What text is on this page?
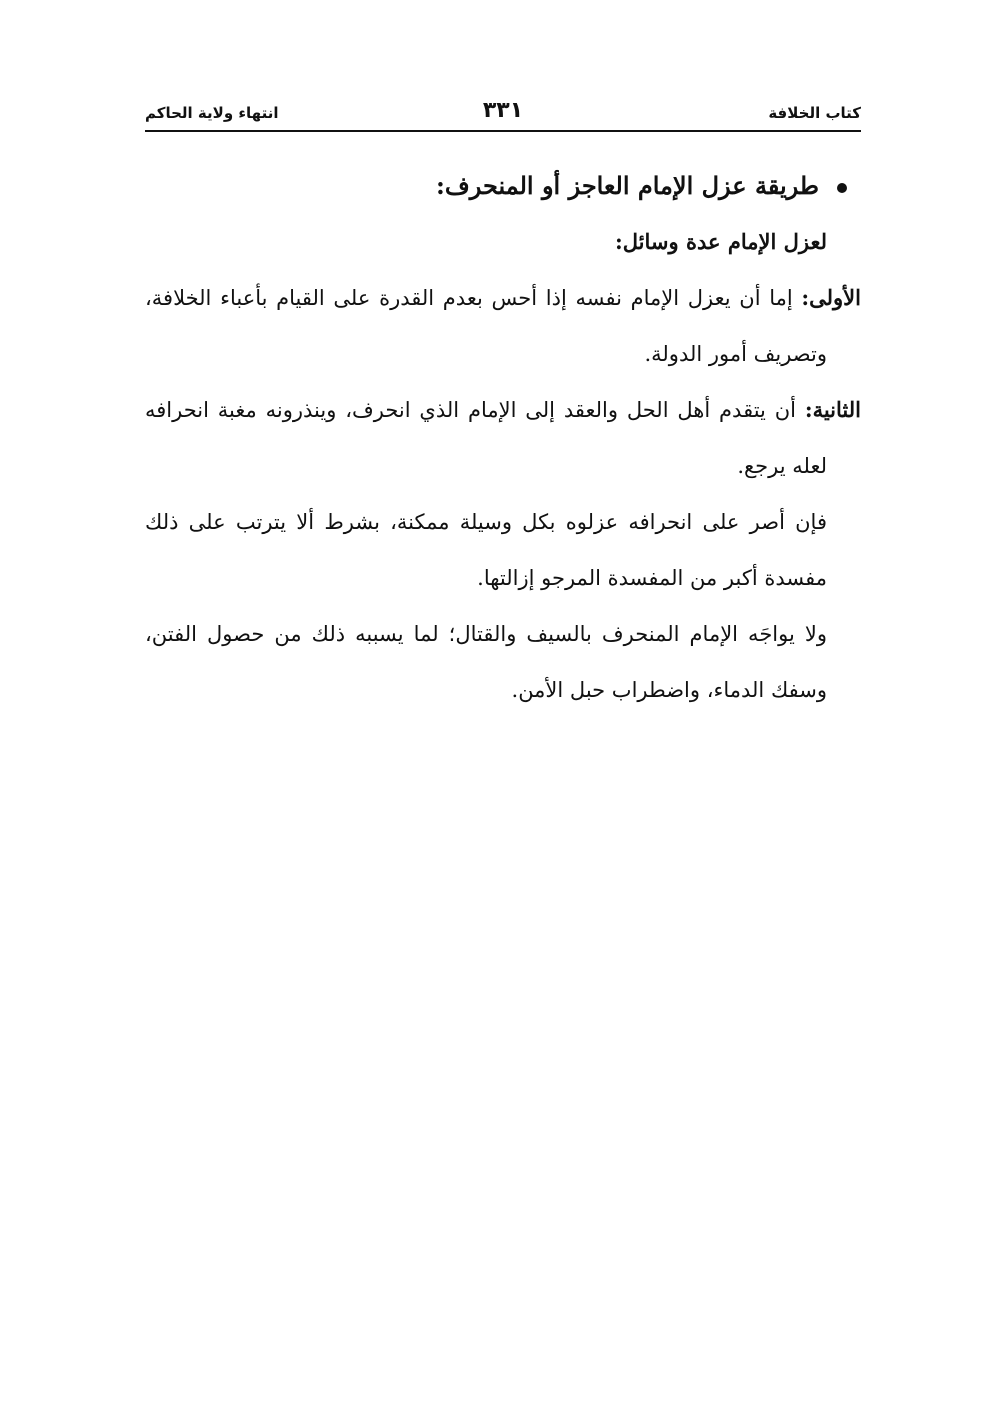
كتاب الخلافة
٣٣١
انتهاء ولاية الحاكم

طريقة عزل الإمام العاجز أو المنحرف:

لعزل الإمام عدة وسائل:

الأولى: إما أن يعزل الإمام نفسه إذا أحس بعدم القدرة على القيام بأعباء الخلافة، وتصريف أمور الدولة.

الثانية: أن يتقدم أهل الحل والعقد إلى الإمام الذي انحرف، وينذرونه مغبة انحرافه لعله يرجع.

فإن أصر على انحرافه عزلوه بكل وسيلة ممكنة، بشرط ألا يترتب على ذلك مفسدة أكبر من المفسدة المرجو إزالتها.

ولا يواجَه الإمام المنحرف بالسيف والقتال؛ لما يسببه ذلك من حصول الفتن، وسفك الدماء، واضطراب حبل الأمن.
